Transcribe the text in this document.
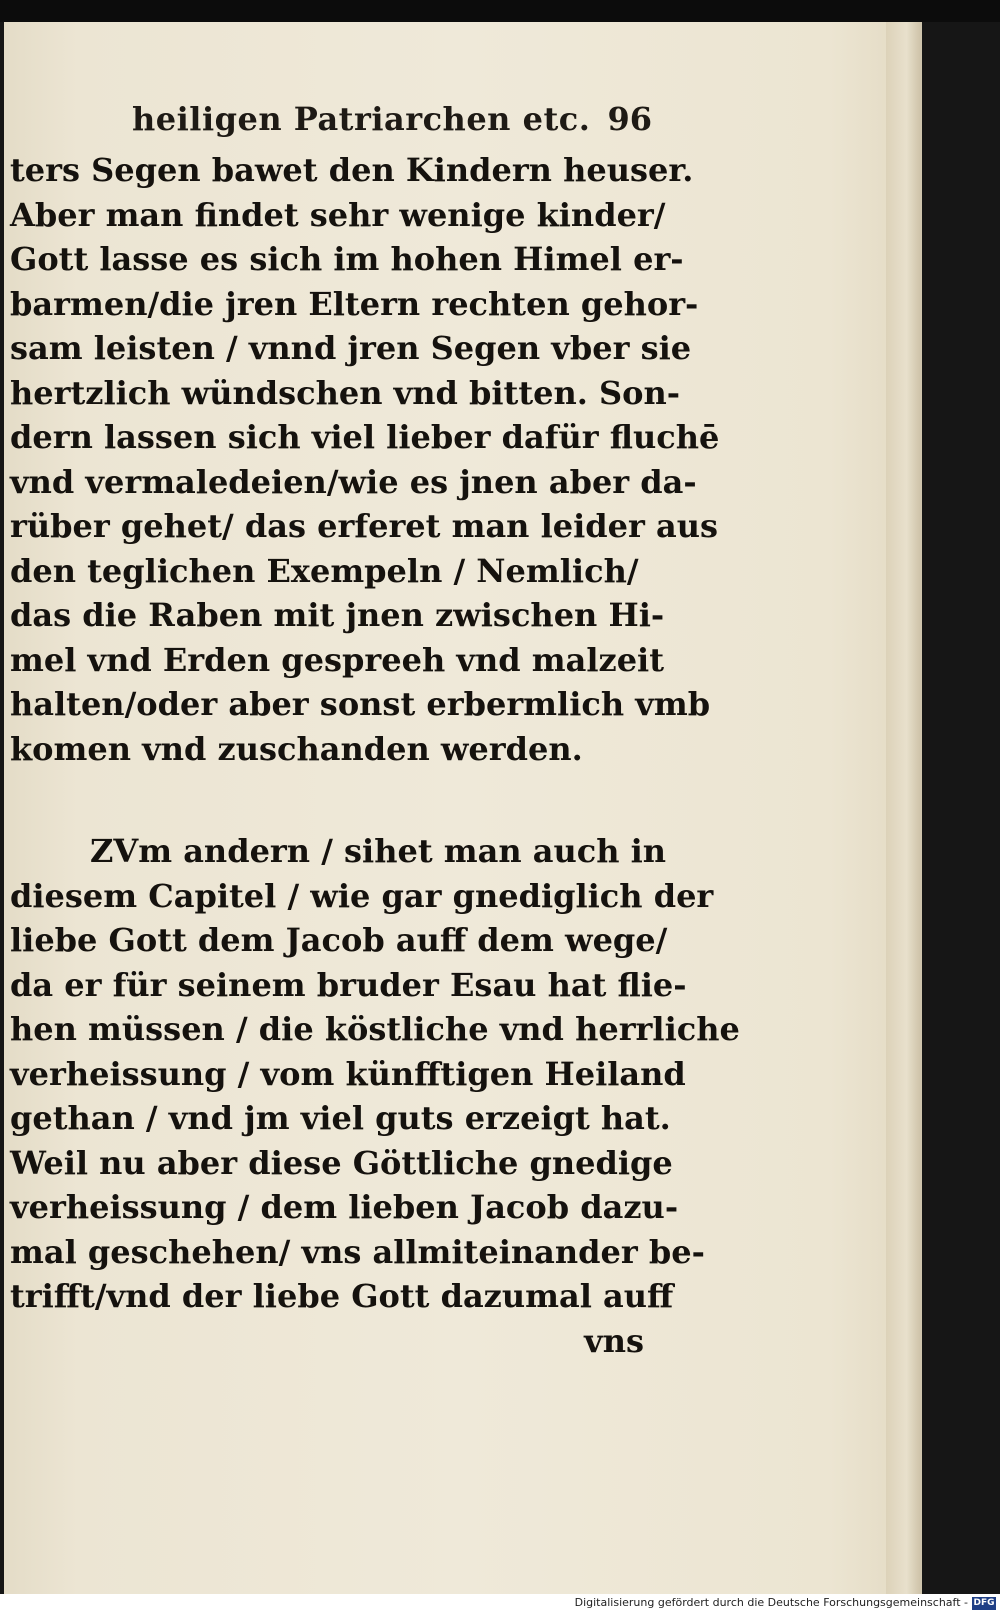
heiligen Patriarchen etc. 96
ters Segen bawet den Kindern heuser.
Aber man findet sehr wenige kinder/
Gott lasse es sich im hohen Himel er-
barmen/die jren Eltern rechten gehor-
sam leisten / vnnd jren Segen vber sie
hertzlich wündschen vnd bitten. Son-
dern lassen sich viel lieber dafür fluchē
vnd vermaledeien/wie es jnen aber da-
rüber gehet/ das erferet man leider aus
den teglichen Exempeln / Nemlich/
das die Raben mit jnen zwischen Hi-
mel vnd Erden gespreeh vnd malzeit
halten/oder aber sonst erbermlich vmb
komen vnd zuschanden werden.
ZVm andern / sihet man auch in
diesem Capitel / wie gar gnediglich der
liebe Gott dem Jacob auff dem wege/
da er für seinem bruder Esau hat flie-
hen müssen / die köstliche vnd herrliche
verheissung / vom künfftigen Heiland
gethan / vnd jm viel guts erzeigt hat.
Weil nu aber diese Göttliche gnedige
verheissung / dem lieben Jacob dazu-
mal geschehen/ vns allmiteinander be-
trifft/vnd der liebe Gott dazumal auff
vns
Digitalisierung gefördert durch die Deutsche Forschungsgemeinschaft - DFG
